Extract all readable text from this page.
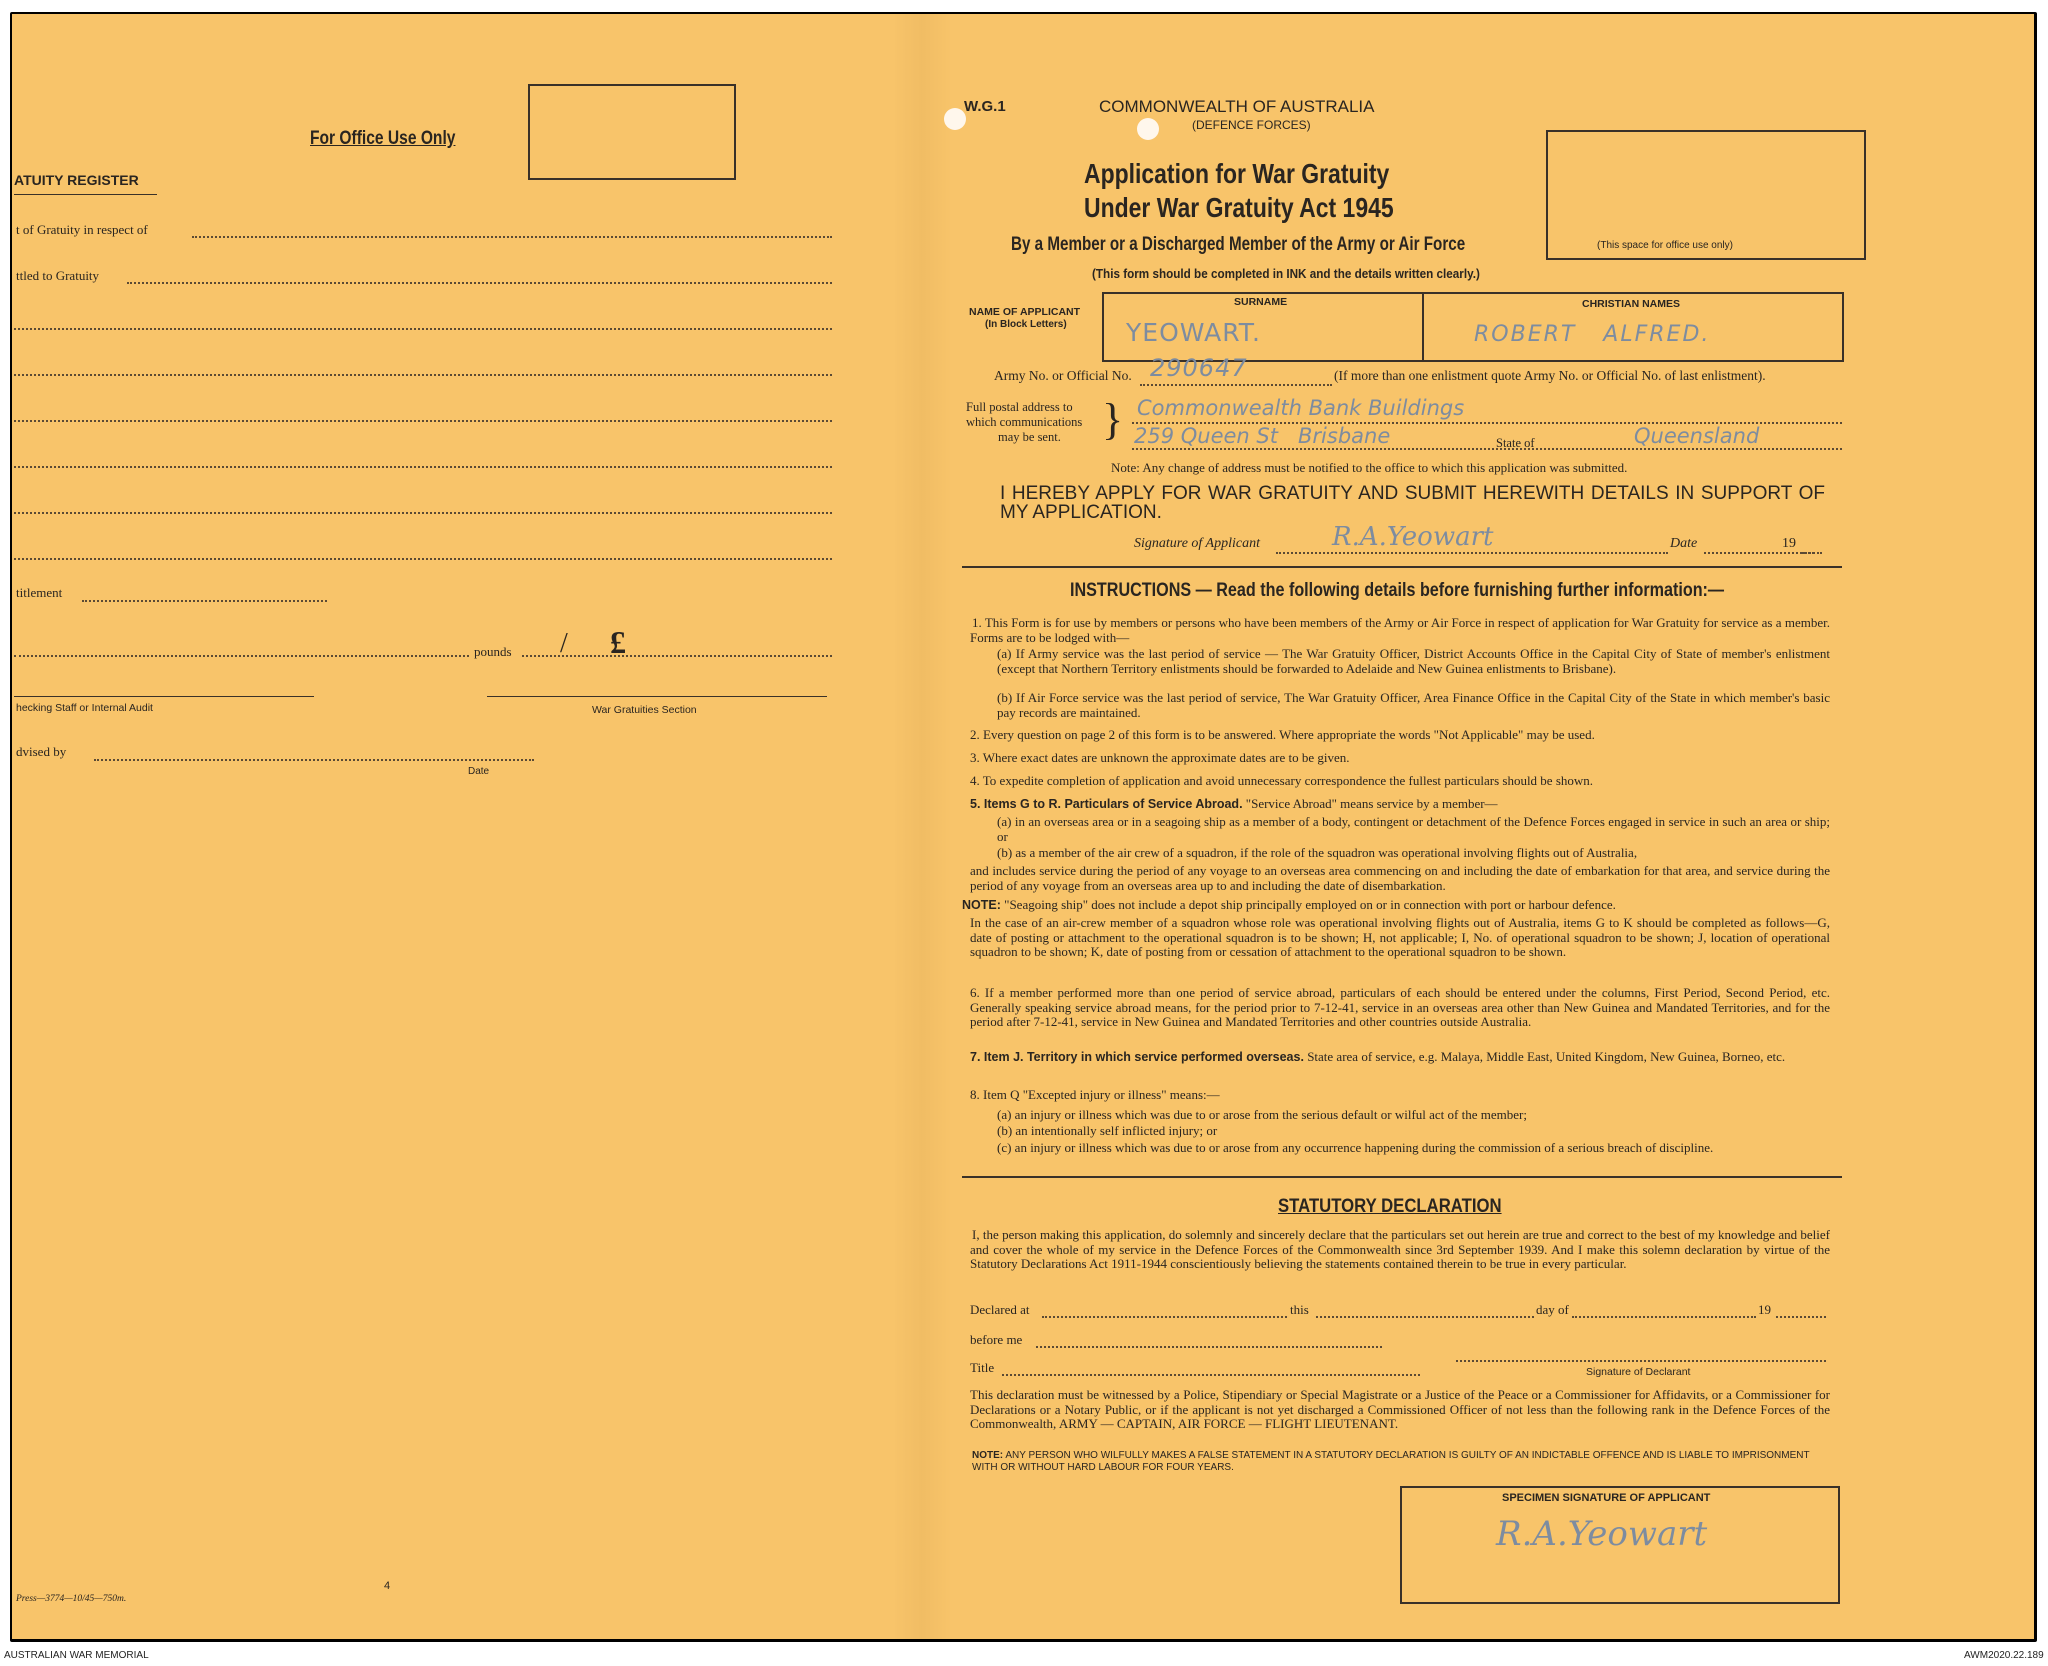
For Office Use Only
ATUITY REGISTER
t of Gratuity in respect of
ttled to Gratuity
titlement
pounds / £
hecking Staff or Internal Audit	War Gratuities Section
dvised by
Date
4
Press—3774—10/45—750m.
W.G.1	COMMONWEALTH OF AUSTRALIA
(DEFENCE FORCES)
Application for War Gratuity
Under War Gratuity Act 1945
By a Member or a Discharged Member of the Army or Air Force	(This space for office use only)
(This form should be completed in INK and the details written clearly.)
NAME OF APPLICANT
(In Block Letters)
SURNAME	CHRISTIAN NAMES
YEOWART.	ROBERT   ALFRED.
Army No. or Official No. 290647	(If more than one enlistment quote Army No. or Official No. of last enlistment).
Full postal address to
which communications
may be sent. } Commonwealth Bank Buildings
259 Queen St   Brisbane	State of	Queensland
Note: Any change of address must be notified to the office to which this application was submitted.
I HEREBY APPLY FOR WAR GRATUITY AND SUBMIT HEREWITH DETAILS IN SUPPORT OF MY APPLICATION.
Signature of Applicant	R.A.Yeowart	Date	19
INSTRUCTIONS — Read the following details before furnishing further information:—
1. This Form is for use by members or persons who have been members of the Army or Air Force in respect of application for War Gratuity for service as a member. Forms are to be lodged with—
(a) If Army service was the last period of service — The War Gratuity Officer, District Accounts Office in the Capital City of State of member's enlistment (except that Northern Territory enlistments should be forwarded to Adelaide and New Guinea enlistments to Brisbane).
(b) If Air Force service was the last period of service, The War Gratuity Officer, Area Finance Office in the Capital City of the State in which member's basic pay records are maintained.
2. Every question on page 2 of this form is to be answered. Where appropriate the words "Not Applicable" may be used.
3. Where exact dates are unknown the approximate dates are to be given.
4. To expedite completion of application and avoid unnecessary correspondence the fullest particulars should be shown.
5. Items G to R. Particulars of Service Abroad. "Service Abroad" means service by a member—
(a) in an overseas area or in a seagoing ship as a member of a body, contingent or detachment of the Defence Forces engaged in service in such an area or ship; or
(b) as a member of the air crew of a squadron, if the role of the squadron was operational involving flights out of Australia,
and includes service during the period of any voyage to an overseas area commencing on and including the date of embarkation for that area, and service during the period of any voyage from an overseas area up to and including the date of disembarkation.
NOTE: "Seagoing ship" does not include a depot ship principally employed on or in connection with port or harbour defence.
In the case of an air-crew member of a squadron whose role was operational involving flights out of Australia, items G to K should be completed as follows—G, date of posting or attachment to the operational squadron is to be shown; H, not applicable; I, No. of operational squadron to be shown; J, location of operational squadron to be shown; K, date of posting from or cessation of attachment to the operational squadron to be shown.
6. If a member performed more than one period of service abroad, particulars of each should be entered under the columns, First Period, Second Period, etc. Generally speaking service abroad means, for the period prior to 7-12-41, service in an overseas area other than New Guinea and Mandated Territories, and for the period after 7-12-41, service in New Guinea and Mandated Territories and other countries outside Australia.
7. Item J. Territory in which service performed overseas. State area of service, e.g. Malaya, Middle East, United Kingdom, New Guinea, Borneo, etc.
8. Item Q "Excepted injury or illness" means:—
(a) an injury or illness which was due to or arose from the serious default or wilful act of the member;
(b) an intentionally self inflicted injury; or
(c) an injury or illness which was due to or arose from any occurrence happening during the commission of a serious breach of discipline.
STATUTORY DECLARATION
I, the person making this application, do solemnly and sincerely declare that the particulars set out herein are true and correct to the best of my knowledge and belief and cover the whole of my service in the Defence Forces of the Commonwealth since 3rd September 1939. And I make this solemn declaration by virtue of the Statutory Declarations Act 1911-1944 conscientiously believing the statements contained therein to be true in every particular.
Declared at	this	day of	19
before me
Title	Signature of Declarant
This declaration must be witnessed by a Police, Stipendiary or Special Magistrate or a Justice of the Peace or a Commissioner for Affidavits, or a Commissioner for Declarations or a Notary Public, or if the applicant is not yet discharged a Commissioned Officer of not less than the following rank in the Defence Forces of the Commonwealth, ARMY — CAPTAIN, AIR FORCE — FLIGHT LIEUTENANT.
NOTE: ANY PERSON WHO WILFULLY MAKES A FALSE STATEMENT IN A STATUTORY DECLARATION IS GUILTY OF AN INDICTABLE OFFENCE AND IS LIABLE TO IMPRISONMENT WITH OR WITHOUT HARD LABOUR FOR FOUR YEARS.
SPECIMEN SIGNATURE OF APPLICANT
R.A.Yeowart
AUSTRALIAN WAR MEMORIAL	AWM2020.22.189
